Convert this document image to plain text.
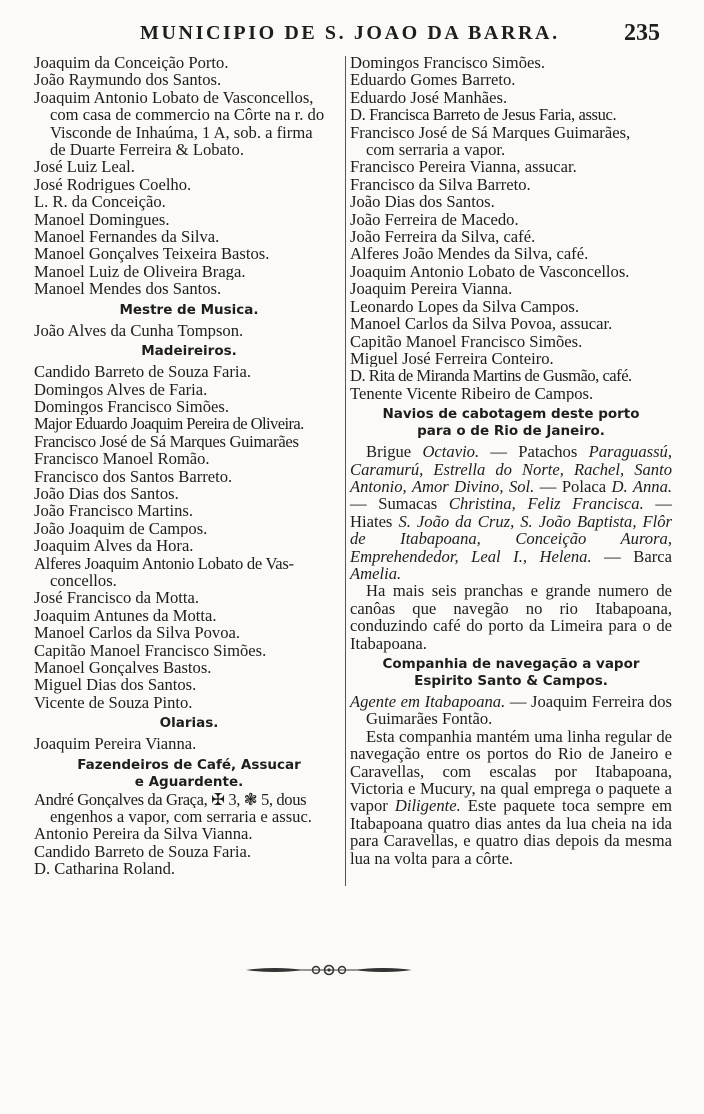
MUNICIPIO DE S. JOAO DA BARRA.	235
Joaquim da Conceição Porto.
João Raymundo dos Santos.
Joaquim Antonio Lobato de Vasconcellos,
com casa de commercio na Côrte na r. do
Visconde de Inhaúma, 1 A, sob. a firma
de Duarte Ferreira & Lobato.
José Luiz Leal.
José Rodrigues Coelho.
L. R. da Conceição.
Manoel Domingues.
Manoel Fernandes da Silva.
Manoel Gonçalves Teixeira Bastos.
Manoel Luiz de Oliveira Braga.
Manoel Mendes dos Santos.
Mestre de Musica.
João Alves da Cunha Tompson.
Madeireiros.
Candido Barreto de Souza Faria.
Domingos Alves de Faria.
Domingos Francisco Simões.
Major Eduardo Joaquim Pereira de Oliveira.
Francisco José de Sá Marques Guimarães
Francisco Manoel Romão.
Francisco dos Santos Barreto.
João Dias dos Santos.
João Francisco Martins.
João Joaquim de Campos.
Joaquim Alves da Hora.
Alferes Joaquim Antonio Lobato de Vas-
concellos.
José Francisco da Motta.
Joaquim Antunes da Motta.
Manoel Carlos da Silva Povoa.
Capitão Manoel Francisco Simões.
Manoel Gonçalves Bastos.
Miguel Dias dos Santos.
Vicente de Souza Pinto.
Olarias.
Joaquim Pereira Vianna.
Fazendeiros de Café, Assucar
e Aguardente.
André Gonçalves da Graça, ✠ 3, ❃ 5, dous
engenhos a vapor, com serraria e assuc.
Antonio Pereira da Silva Vianna.
Candido Barreto de Souza Faria.
D. Catharina Roland.
Domingos Francisco Simões.
Eduardo Gomes Barreto.
Eduardo José Manhães.
D. Francisca Barreto de Jesus Faria, assuc.
Francisco José de Sá Marques Guimarães,
com serraria a vapor.
Francisco Pereira Vianna, assucar.
Francisco da Silva Barreto.
João Dias dos Santos.
João Ferreira de Macedo.
João Ferreira da Silva, café.
Alferes João Mendes da Silva, café.
Joaquim Antonio Lobato de Vasconcellos.
Joaquim Pereira Vianna.
Leonardo Lopes da Silva Campos.
Manoel Carlos da Silva Povoa, assucar.
Capitão Manoel Francisco Simões.
Miguel José Ferreira Conteiro.
D. Rita de Miranda Martins de Gusmão, café.
Tenente Vicente Ribeiro de Campos.
Navios de cabotagem deste porto
para o de Rio de Janeiro.
Brigue Octavio. — Patachos Paraguassú, Caramurú, Estrella do Norte, Rachel, Santo Antonio, Amor Divino, Sol. — Polaca D. Anna. — Sumacas Christina, Feliz Francisca. — Hiates S. João da Cruz, S. João Baptista, Flôr de Itabapoana, Conceição Aurora, Emprehendedor, Leal I., Helena. — Barca Amelia.
Ha mais seis pranchas e grande numero de canôas que navegão no rio Itabapoana, conduzindo café do porto da Limeira para o de Itabapoana.
Companhia de navegação a vapor
Espirito Santo & Campos.
Agente em Itabapoana. — Joaquim Ferreira dos Guimarães Fontão.
Esta companhia mantém uma linha regular de navegação entre os portos do Rio de Janeiro e Caravellas, com escalas por Itabapoana, Victoria e Mucury, na qual emprega o paquete a vapor Diligente. Este paquete toca sempre em Itabapoana quatro dias antes da lua cheia na ida para Caravellas, e quatro dias depois da mesma lua na volta para a côrte.
